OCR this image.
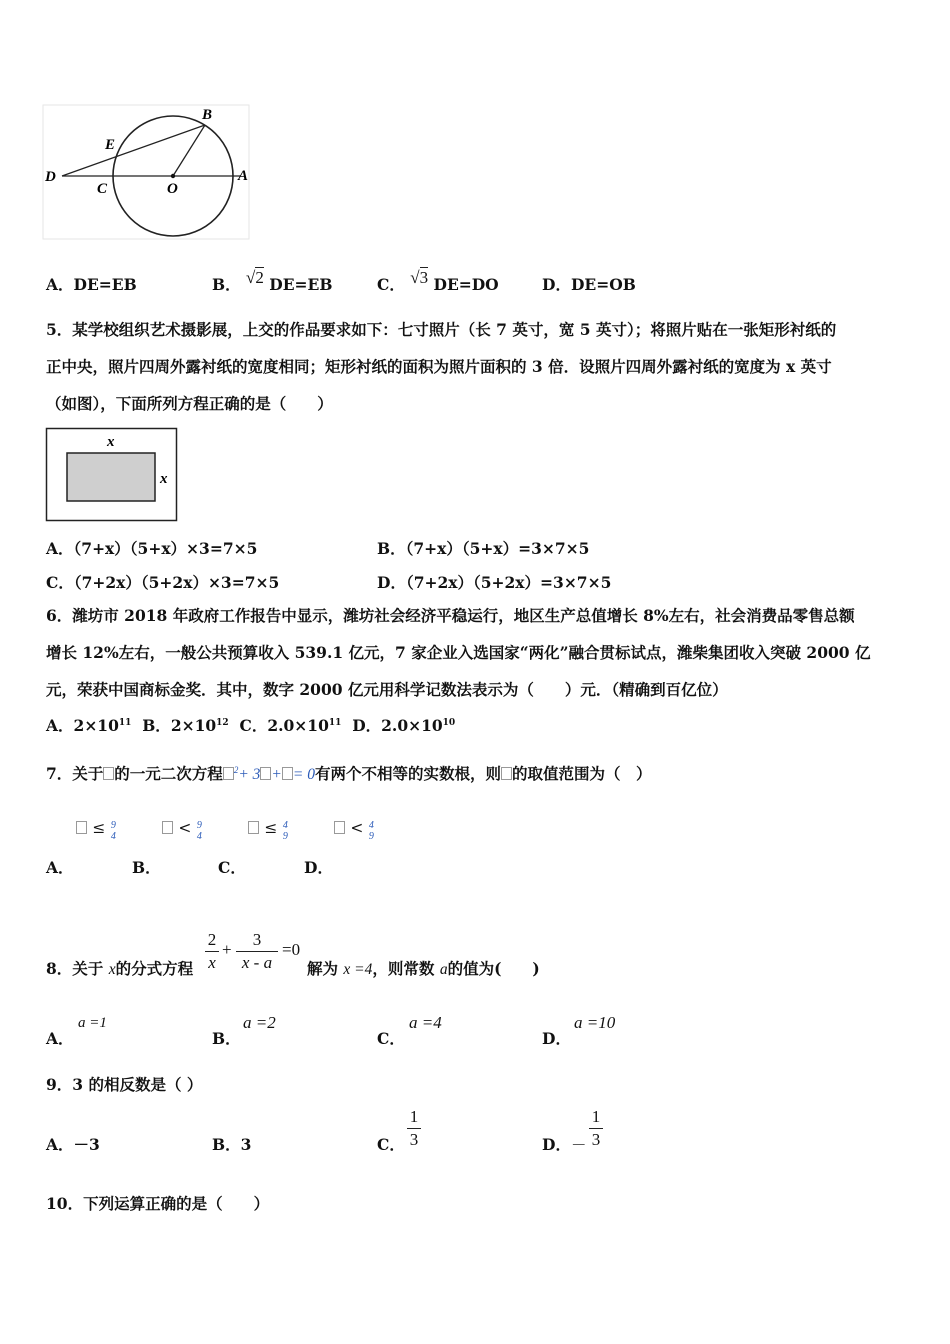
B
E
D
C	O
A
A．DE=EB	B． √2 DE=EB	C． √3 DE=DO	D．DE=OB
5．某学校组织艺术摄影展，上交的作品要求如下：七寸照片（长 7 英寸，宽 5 英寸）；将照片贴在一张矩形衬纸的
正中央，照片四周外露衬纸的宽度相同；矩形衬纸的面积为照片面积的 3 倍．设照片四周外露衬纸的宽度为 x 英寸
（如图），下面所列方程正确的是（　　）
x
x
A．（7+x）（5+x）×3=7×5	B．（7+x）（5+x）=3×7×5
C．（7+2x）（5+2x）×3=7×5	D．（7+2x）（5+2x）=3×7×5
6．潍坊市 2018 年政府工作报告中显示，潍坊社会经济平稳运行，地区生产总值增长 8%左右，社会消费品零售总额
增长 12%左右，一般公共预算收入 539.1 亿元，7 家企业入选国家“两化”融合贯标试点，潍柴集团收入突破 2000 亿
元，荣获中国商标金奖．其中，数字 2000 亿元用科学记数法表示为（　　）元．（精确到百亿位）
A．$2\times 10^{11}$ B．$2\times 10^{12}$ C．$2.0\times 10^{11}$ D．$2.0\times 10^{10}$
7．关于 的一元二次方程 $^2$+ 3 + = 0有两个不相等的实数根，则 的取值范围为（　）
≤ 9
4	< 9
4	≤ 4
9	< 4
9
A．	B．	C．	D．
8．关于 x的分式方程
2
x
+
3
x - a
=0
解为 x =4，则常数 a的值为(　　)
A．
a =1
B．
a =2
C．
a =4
D．
a =10
9．3 的相反数是（ ）
A．－3	B．3	C．
1
3	D．－
1
3
10．下列运算正确的是（　　）
